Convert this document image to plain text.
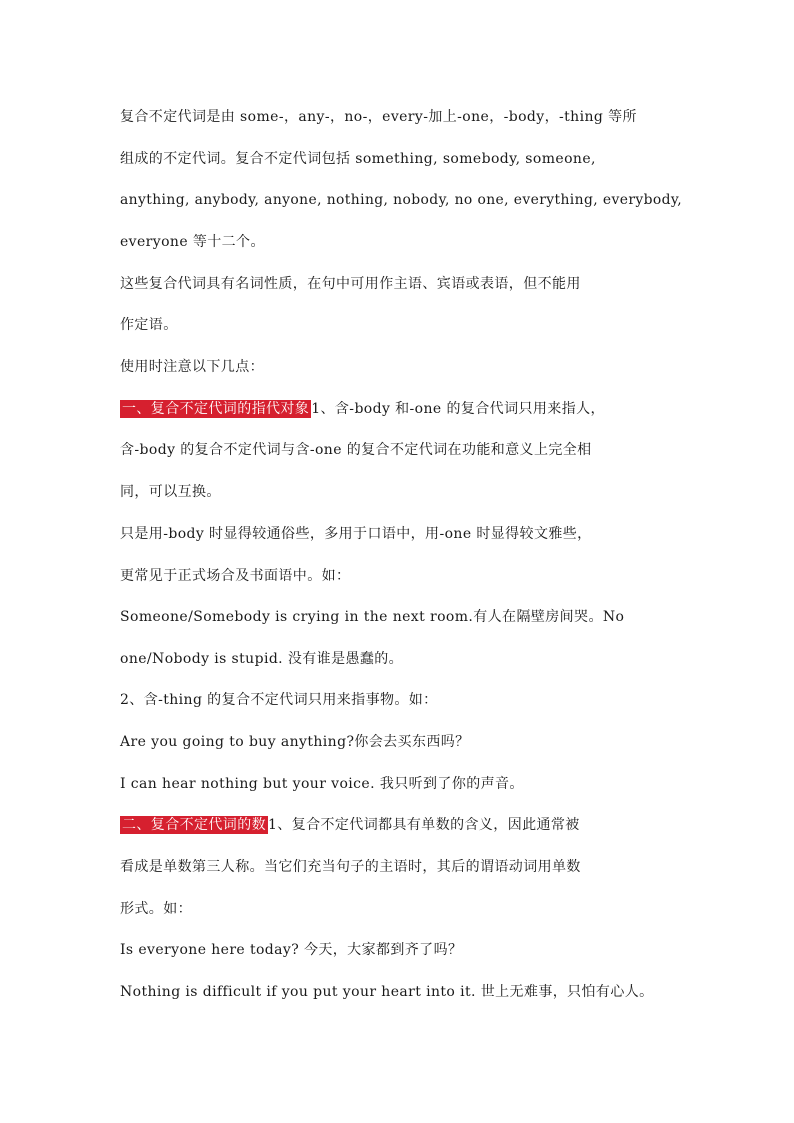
复合不定代词是由 some-，any-，no-，every-加上-one，-body，-thing 等所
组成的不定代词。复合不定代词包括 something, somebody, someone,
anything, anybody, anyone, nothing, nobody, no one, everything, everybody,
everyone 等十二个。
这些复合代词具有名词性质，在句中可用作主语、宾语或表语，但不能用
作定语。
使用时注意以下几点：
一、复合不定代词的指代对象 1、含-body 和-one 的复合代词只用来指人，
含-body 的复合不定代词与含-one 的复合不定代词在功能和意义上完全相
同，可以互换。
只是用-body 时显得较通俗些，多用于口语中，用-one 时显得较文雅些，
更常见于正式场合及书面语中。如：
Someone/Somebody is crying in the next room.有人在隔壁房间哭。No
one/Nobody is stupid. 没有谁是愚蠢的。
2、含-thing 的复合不定代词只用来指事物。如：
Are you going to buy anything?你会去买东西吗？
I can hear nothing but your voice. 我只听到了你的声音。
二、复合不定代词的数 1、复合不定代词都具有单数的含义，因此通常被
看成是单数第三人称。当它们充当句子的主语时，其后的谓语动词用单数
形式。如：
Is everyone here today? 今天，大家都到齐了吗？
Nothing is difficult if you put your heart into it. 世上无难事，只怕有心人。
